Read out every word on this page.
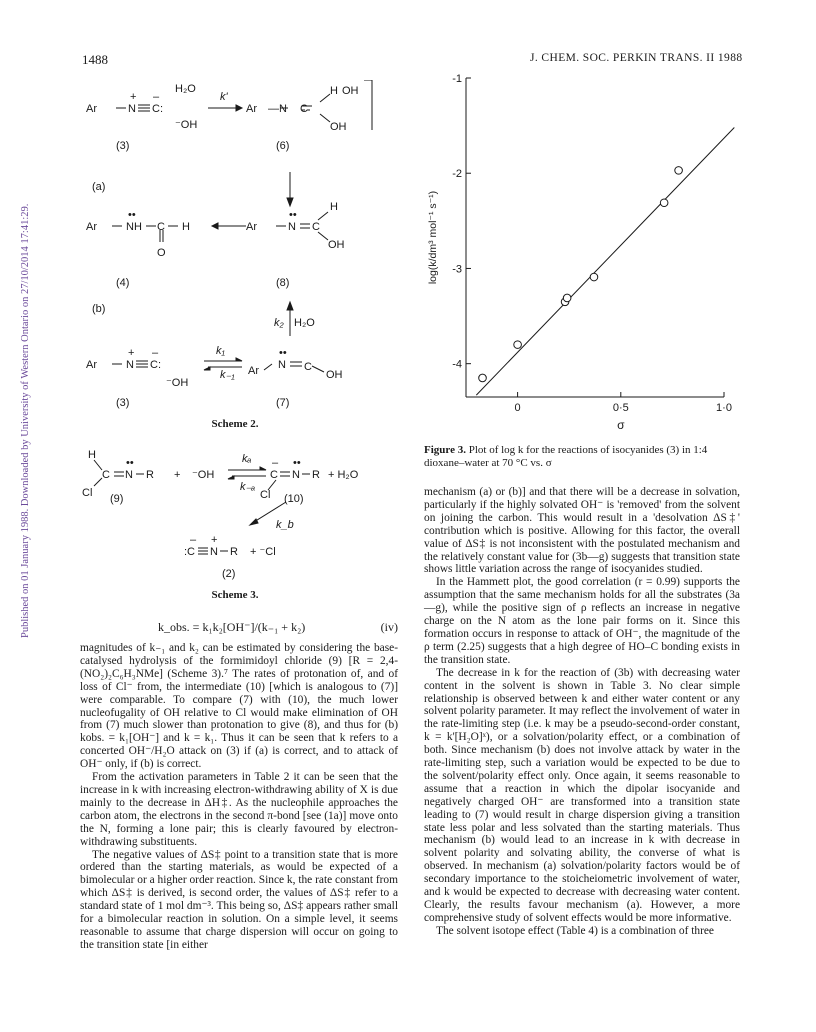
1488	J. CHEM. SOC. PERKIN TRANS. II 1988
Published on 01 January 1988. Downloaded by University of Western Ontario on 27/10/2014 17:41:29.
Ar	N
+
C:
–
C
Ar	NH
••
C H
O
Ar	N
••
C
H
OH
Ar	N
+
C:
–
Ar N
••
C
OH
Ar —N
H OH
OH
(6)
H₂O
⁻OH
k'
(3)
(a)
(4)	(8)
(b)
k₂ H₂O
k₁
k₋₁
⁻OH
(3)	(7)
Scheme 2.
H
C
Cl
N
••
R + ⁻OH
kₐ
k₋ₐ
C
–
N
••
R + H₂O
Cl
(9)	(10)
k_b
:C
–
N
+
R + ⁻Cl
(2)
Scheme 3.
k_obs. = k₁k₂[OH⁻]/(k₋₁ + k₂)	(iv)

magnitudes of k₋₁ and k₂ can be estimated by considering the base-catalysed hydrolysis of the formimidoyl chloride (9) [R = 2,4-(NO₂)₂C₆H₃NMe] (Scheme 3).⁷ The rates of protonation of, and of loss of Cl⁻ from, the intermediate (10) [which is analogous to (7)] were comparable. To compare (7) with (10), the much lower nucleofugality of OH relative to Cl would make elimination of OH from (7) much slower than protonation to give (8), and thus for (b) kobs. = k₁[OH⁻] and k = k₁. Thus it can be seen that k refers to a concerted OH⁻/H₂O attack on (3) if (a) is correct, and to attack of OH⁻ only, if (b) is correct.

From the activation parameters in Table 2 it can be seen that the increase in k with increasing electron-withdrawing ability of X is due mainly to the decrease in ΔH‡. As the nucleophile approaches the carbon atom, the electrons in the second π-bond [see (1a)] move onto the N, forming a lone pair; this is clearly favoured by electron-withdrawing substituents.

The negative values of ΔS‡ point to a transition state that is more ordered than the starting materials, as would be expected of a bimolecular or a higher order reaction. Since k, the rate constant from which ΔS‡ is derived, is second order, the values of ΔS‡ refer to a standard state of 1 mol dm⁻³. This being so, ΔS‡ appears rather small for a bimolecular reaction in solution. On a simple level, it seems reasonable to assume that charge dispersion will occur on going to the transition state [in either

0	0·5	1·0
-1
-2
-3
-4
σ
log(k/dm³ mol⁻¹ s⁻¹)
Figure 3. Plot of log k for the reactions of isocyanides (3) in 1:4 dioxane–water at 70 °C vs. σ

mechanism (a) or (b)] and that there will be a decrease in solvation, particularly if the highly solvated OH⁻ is 'removed' from the solvent on joining the carbon. This would result in a 'desolvation ΔS‡' contribution which is positive. Allowing for this factor, the overall value of ΔS‡ is not inconsistent with the postulated mechanism and the relatively constant value for (3b—g) suggests that transition state shows little variation across the range of isocyanides studied.

In the Hammett plot, the good correlation (r = 0.99) supports the assumption that the same mechanism holds for all the substrates (3a—g), while the positive sign of ρ reflects an increase in negative charge on the N atom as the lone pair forms on it. Since this formation occurs in response to attack of OH⁻, the magnitude of the ρ term (2.25) suggests that a high degree of HO–C bonding exists in the transition state.

The decrease in k for the reaction of (3b) with decreasing water content in the solvent is shown in Table 3. No clear simple relationship is observed between k and either water content or any solvent polarity parameter. It may reflect the involvement of water in the rate-limiting step (i.e. k may be a pseudo-second-order constant, k = k'[H₂O]ˣ), or a solvation/polarity effect, or a combination of both. Since mechanism (b) does not involve attack by water in the rate-limiting step, such a variation would be expected to be due to the solvent/polarity effect only. Once again, it seems reasonable to assume that a reaction in which the dipolar isocyanide and negatively charged OH⁻ are transformed into a transition state leading to (7) would result in charge dispersion giving a transition state less polar and less solvated than the starting materials. Thus mechanism (b) would lead to an increase in k with decrease in solvent polarity and solvating ability, the converse of what is observed. In mechanism (a) solvation/polarity factors would be of secondary importance to the stoicheiometric involvement of water, and k would be expected to decrease with decreasing water content. Clearly, the results favour mechanism (a). However, a more comprehensive study of solvent effects would be more informative.

The solvent isotope effect (Table 4) is a combination of three
